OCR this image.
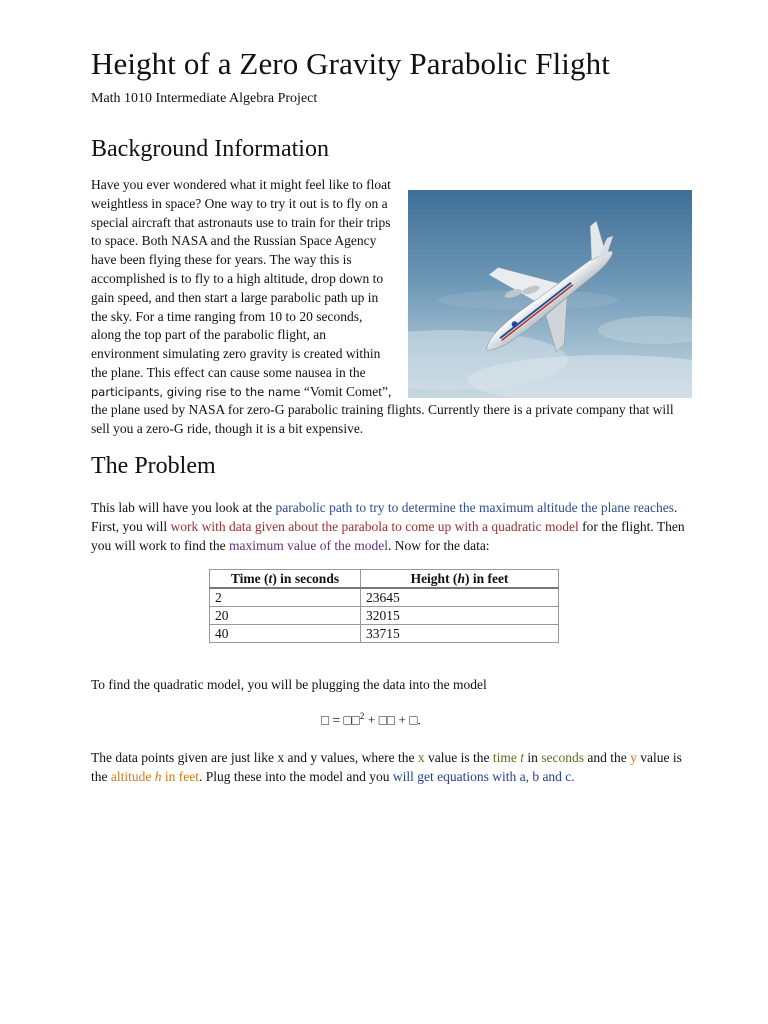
Height of a Zero Gravity Parabolic Flight
Math 1010 Intermediate Algebra Project
Background Information
Have you ever wondered what it might feel like to float
weightless in space? One way to try it out is to fly on a
special aircraft that astronauts use to train for their trips
to space. Both NASA and the Russian Space Agency
have been flying these for years. The way this is
accomplished is to fly to a high altitude, drop down to
gain speed, and then start a large parabolic path up in
the sky. For a time ranging from 10 to 20 seconds,
along the top part of the parabolic flight, an
environment simulating zero gravity is created within
the plane. This effect can cause some nausea in the
participants, giving rise to the name “Vomit Comet”,
the plane used by NASA for zero-G parabolic training flights. Currently there is a private company that will sell you a zero-G ride, though it is a bit expensive.
The Problem
This lab will have you look at the parabolic path to try to determine the maximum altitude the plane reaches. First, you will work with data given about the parabola to come up with a quadratic model for the flight. Then you will work to find the maximum value of the model. Now for the data:
Time (t) in seconds	Height (h) in feet
2	23645
20	32015
40	33715
To find the quadratic model, you will be plugging the data into the model
□ = □□$^2$ + □□ + □.
The data points given are just like x and y values, where the x value is the time t in seconds and the y value is the altitude h in feet. Plug these into the model and you will get equations with a, b and c.
